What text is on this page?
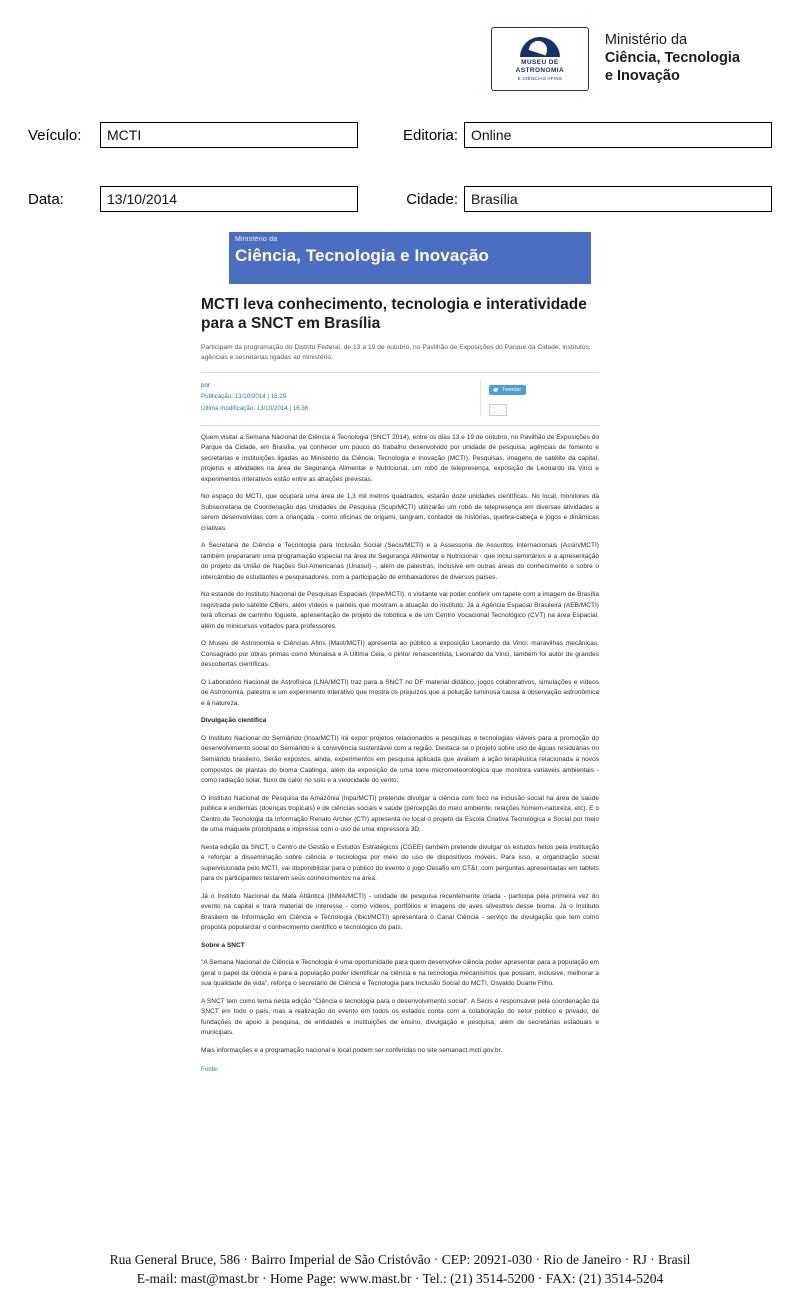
MUSEU DE
ASTRONOMIA
E CIÊNCIAS AFINS
Ministério da
Ciência, Tecnologia
e Inovação
Veículo:	MCTI	Editoria: Online
Data:	13/10/2014	Cidade: Brasília
Ministério da
Ciência, Tecnologia e Inovação
MCTI leva conhecimento, tecnologia e interatividade para a SNCT em Brasília
Participam da programação do Distrito Federal, de 13 a 19 de outubro, no Pavilhão de Exposições do Parque da Cidade, institutos, agências e secretarias ligadas ao ministério.
por
Publicação: 13/10/2014 | 16.29
Última modificação: 13/10/2014 | 16.36
Tweetar

Quem visitar a Semana Nacional de Ciência e Tecnologia (SNCT 2014), entre os dias 13 e 19 de outubro, no Pavilhão de Exposições do Parque da Cidade, em Brasília, vai conhecer um pouco do trabalho desenvolvido por unidade de pesquisa, agências de fomento e secretarias e instituições ligadas ao Ministério da Ciência, Tecnologia e Inovação (MCTI). Pesquisas, imagens de satélite da capital, projetos e atividades na área de Segurança Alimentar e Nutricional, um robô de telepresença, exposição de Leonardo da Vinci e experimentos interativos estão entre as atrações previstas.

No espaço do MCTI, que ocupará uma área de 1,3 mil metros quadrados, estarão doze unidades científicas. No local, monitores da Subsecretaria de Coordenação das Unidades de Pesquisa (Scup/MCTI) utilizarão um robô de telepresença em diversas atividades a serem desenvolvidas com a criançada - como oficinas de origami, tangram, contador de histórias, quebra-cabeça e jogos e dinâmicas criativas.

A Secretaria de Ciência e Tecnologia para Inclusão Social (Secis/MCTI) e a Assessoria de Assuntos Internacionais (Assin/MCTI) também prepararam uma programação especial na área de Segurança Alimentar e Nutricional - que inclui seminários e a apresentação do projeto da União de Nações Sul-Americanas (Unasul) -, além de palestras, inclusive em outras áreas do conhecimento e sobre o intercâmbio de estudantes e pesquisadores, com a participação de embaixadores de diversos países.

No estande do Instituto Nacional de Pesquisas Espaciais (Inpe/MCTI), o visitante vai poder conferir um tapete com a imagem de Brasília registrada pelo satélite CBers, além vídeos e painéis que mostram a atuação do instituto. Já a Agência Espacial Brasileira (AEB/MCTI) terá oficinas de carrinho foguete, apresentação de projeto de robótica e de um Centro Vocacional Tecnológico (CVT) na área Espacial, além de minicursos voltados para professores.

O Museu de Astronomia e Ciências Afins (Mast/MCTI) apresenta ao público a exposição Leonardo da Vinci: maravilhas mecânicas. Consagrado por obras primas como Monalisa e A Última Ceia, o pintor renascentista, Leonardo da Vinci, também foi autor de grandes descobertas científicas.

O Laboratório Nacional de Astrofísica (LNA/MCTI) traz para a SNCT no DF material didático, jogos colaborativos, simulações e vídeos de Astronomia, palestra e um experimento interativo que mostra os prejuízos que a poluição luminosa causa à observação astronômica e à natureza.

Divulgação científica

O Instituto Nacional do Semiárido (Insa/MCTI) irá expor projetos relacionados a pesquisas e tecnologias viáveis para a promoção do desenvolvimento social do Semiárido e à convivência sustentável com a região. Destaca-se o projeto sobre uso de águas residuárias no Semiárido brasileiro. Serão expostos, ainda, experimentos em pesquisa aplicada que avaliam a ação terapêutica relacionada a novos compostos de plantas do bioma Caatinga, além da exposição de uma torre micrometeorológica que monitora variáveis ambientais - como radiação solar, fluxo de calor no solo e a velocidade do vento.

O Instituto Nacional de Pesquisa da Amazônia (Inpa/MCTI) pretende divulgar a ciência com foco na inclusão social na área de saúde pública e endemias (doenças tropicais) e de ciências sociais e saúde (percepção do meio ambiente, relações homem-natureza, etc). E o Centro de Tecnologia da Informação Renato Archer (CTI) apresenta no local o projeto da Escola Criativa Tecnológica e Social por meio de uma maquete prototipada e impressa com o uso de uma impressora 3D.

Nesta edição da SNCT, o Centro de Gestão e Estudos Estratégicos (CGEE) também pretende divulgar os estudos feitos pela instituição e reforçar a disseminação sobre ciência e tecnologia por meio do uso de dispositivos móveis. Para isso, a organização social supervisionada pelo MCTI, vai disponibilizar para o público do evento o jogo Desafio em CT&I, com perguntas apresentadas em tablets para os participantes testarem seus conhecimentos na área.

Já o Instituto Nacional da Mata Atlântica (INMA/MCTI) - unidade de pesquisa recentemente criada - participa pela primeira vez do evento na capital e trará material de interesse - como vídeos, portfólios e imagens de aves silvestres desse bioma. Já o Instituto Brasileiro de Informação em Ciência e Tecnologia (Ibict/MCTI) apresentará o Canal Ciência - serviço de divulgação que tem como proposta popularizar o conhecimento científico e tecnológico do país.

Sobre a SNCT

"A Semana Nacional de Ciência e Tecnologia é uma oportunidade para quem desenvolve ciência poder apresentar para a população em geral o papel da ciência e para a população poder identificar na ciência e na tecnologia mecanismos que possam, inclusive, melhorar a sua qualidade de vida", reforça o secretário de Ciência e Tecnologia para Inclusão Social do MCTI, Osvaldo Duarte Filho.

A SNCT tem como tema nesta edição "Ciência e tecnologia para o desenvolvimento social". A Secis é responsável pela coordenação da SNCT em todo o país, mas a realização do evento em todos os estados conta com a colaboração do setor público e privado, de fundações de apoio à pesquisa, de entidades e instituições de ensino, divulgação e pesquisa, além de secretarias estaduais e municipais.

Mais informações e a programação nacional e local podem ser conferidas no site semanact.mcti.gov.br.

Fonte:
Rua General Bruce, 586 · Bairro Imperial de São Cristóvão · CEP: 20921-030 · Rio de Janeiro · RJ · Brasil
E-mail: mast@mast.br · Home Page: www.mast.br · Tel.: (21) 3514-5200 · FAX: (21) 3514-5204
